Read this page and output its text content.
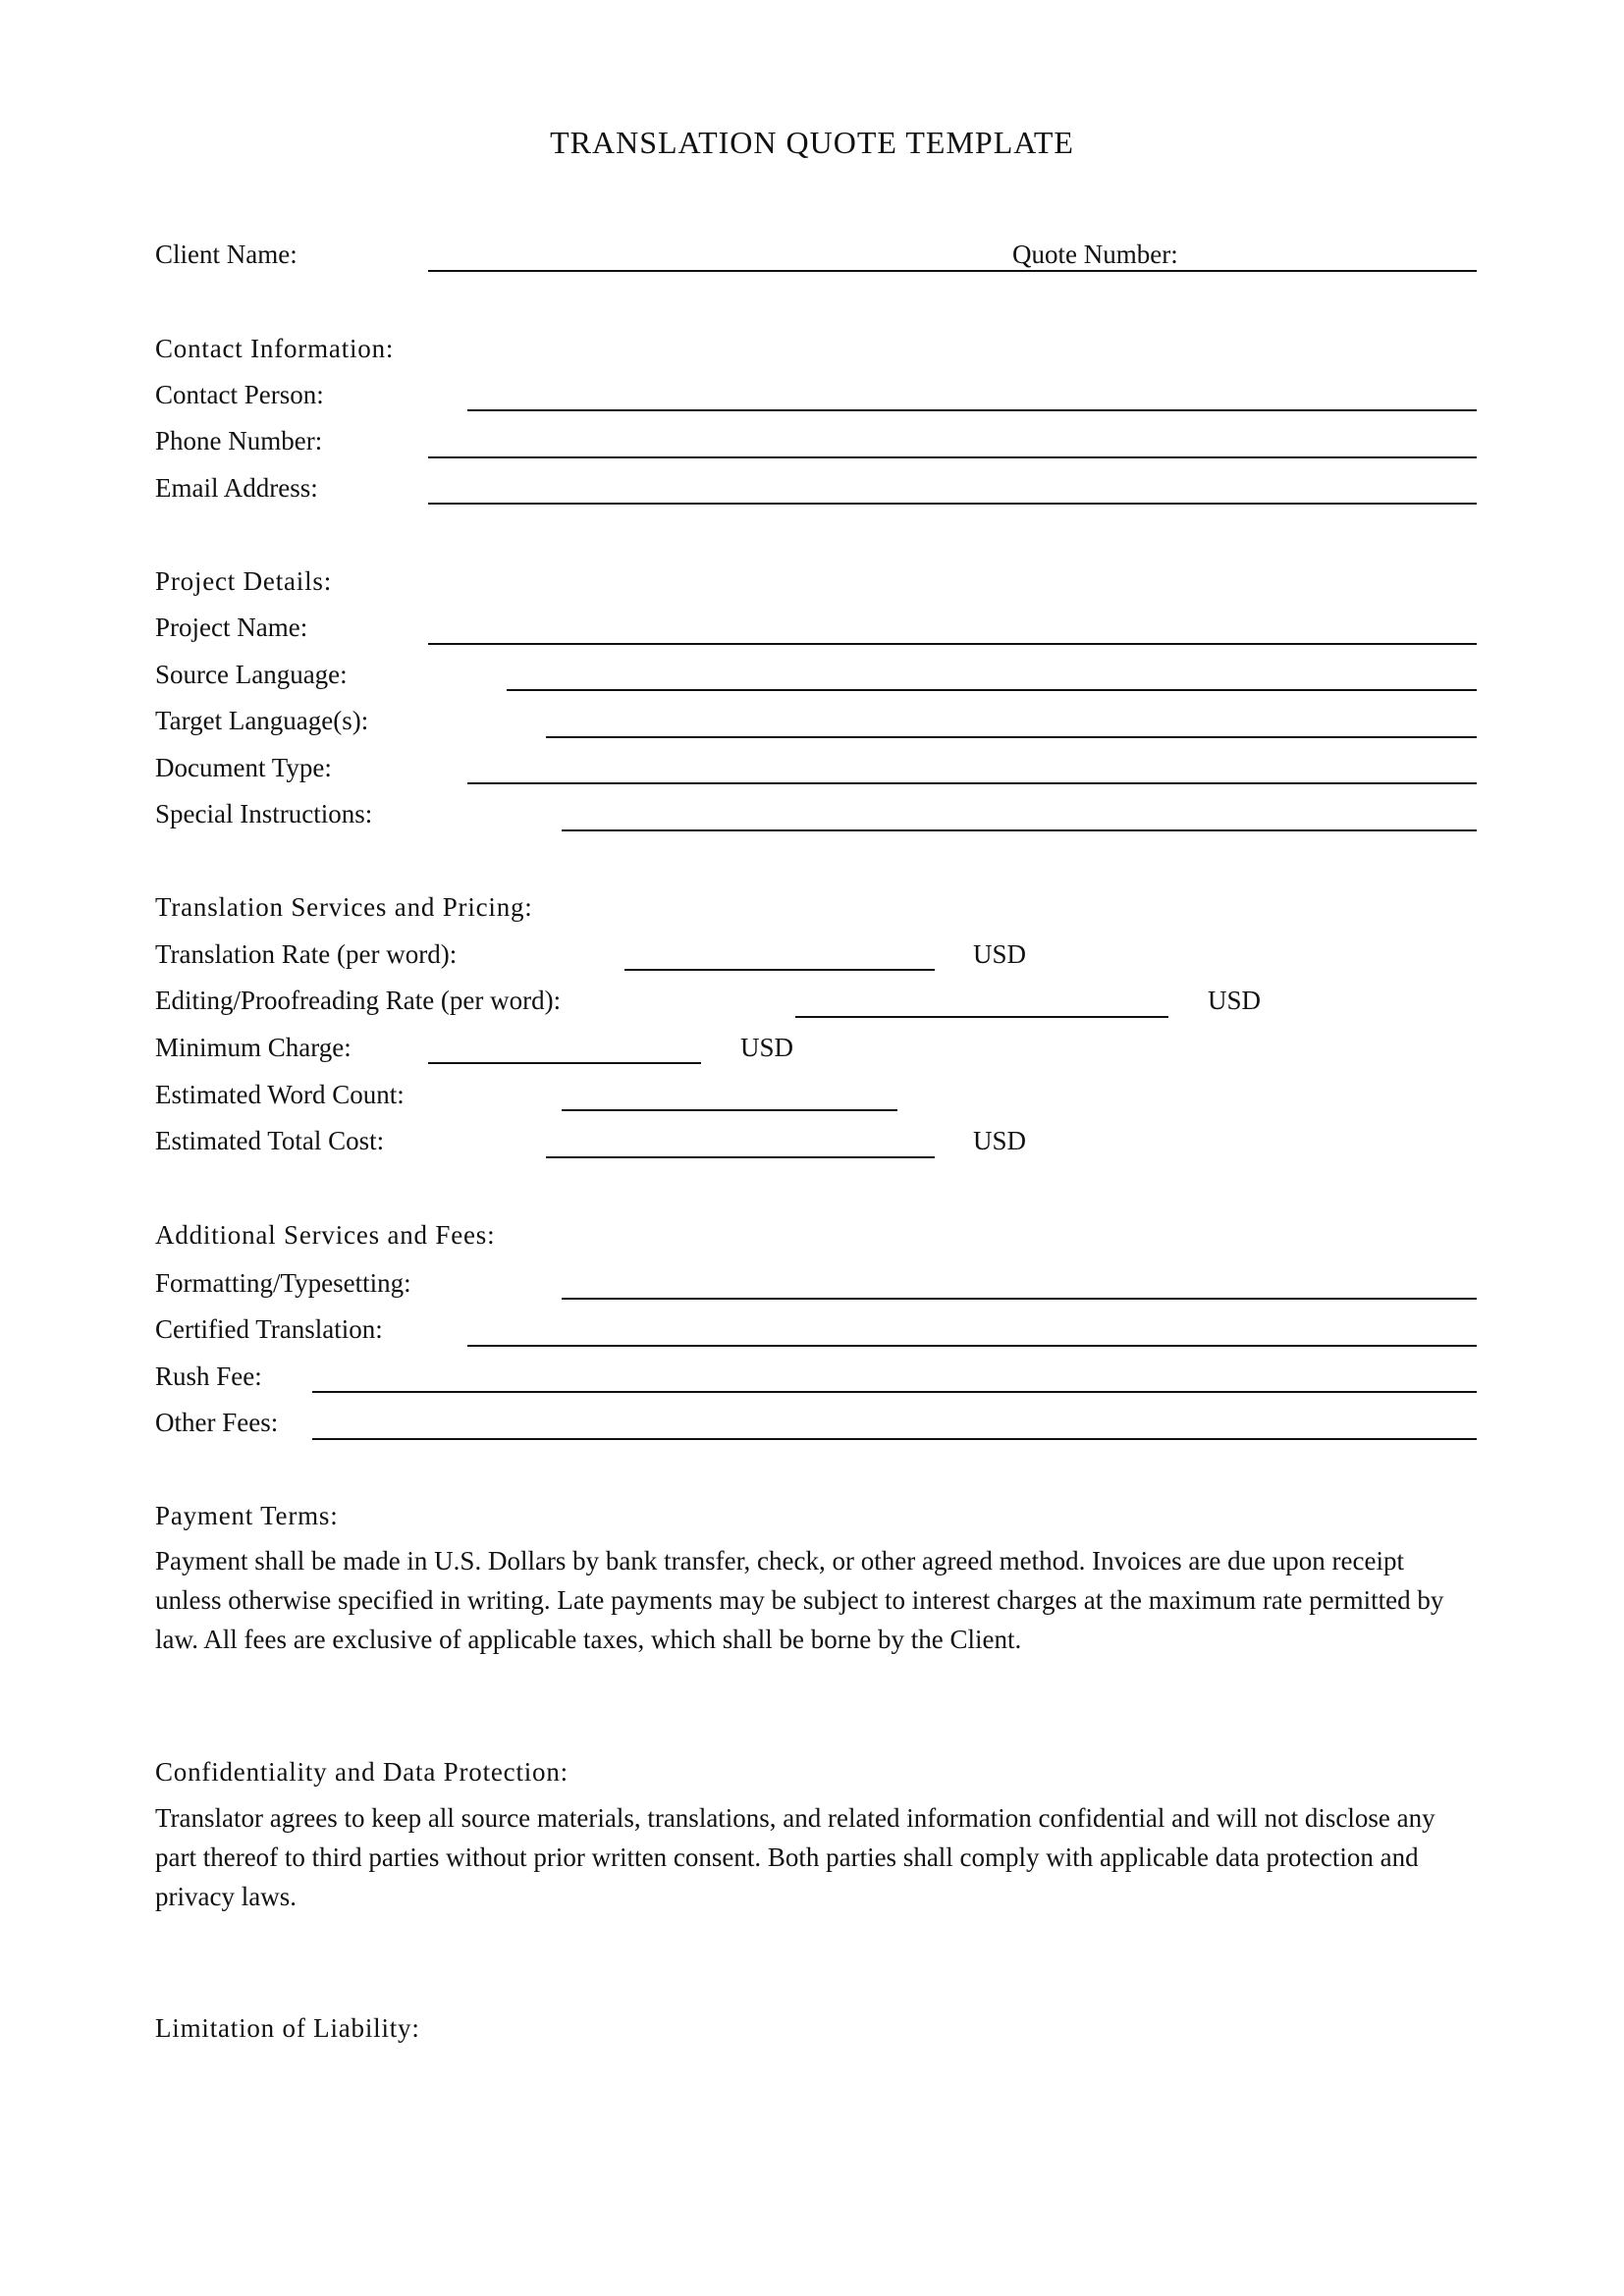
TRANSLATION QUOTE TEMPLATE
Client Name:	Quote Number:
Contact Information:
Contact Person:
Phone Number:
Email Address:
Project Details:
Project Name:
Source Language:
Target Language(s):
Document Type:
Special Instructions:
Translation Services and Pricing:
Translation Rate (per word):	USD
Editing/Proofreading Rate (per word):	USD
Minimum Charge:	USD
Estimated Word Count:
Estimated Total Cost:	USD
Additional Services and Fees:
Formatting/Typesetting:
Certified Translation:
Rush Fee:
Other Fees:
Payment Terms:

Payment shall be made in U.S. Dollars by bank transfer, check, or other agreed method. Invoices are due upon receipt unless otherwise specified in writing. Late payments may be subject to interest charges at the maximum rate permitted by law. All fees are exclusive of applicable taxes, which shall be borne by the Client.

Confidentiality and Data Protection:

Translator agrees to keep all source materials, translations, and related information confidential and will not disclose any part thereof to third parties without prior written consent. Both parties shall comply with applicable data protection and privacy laws.

Limitation of Liability:
